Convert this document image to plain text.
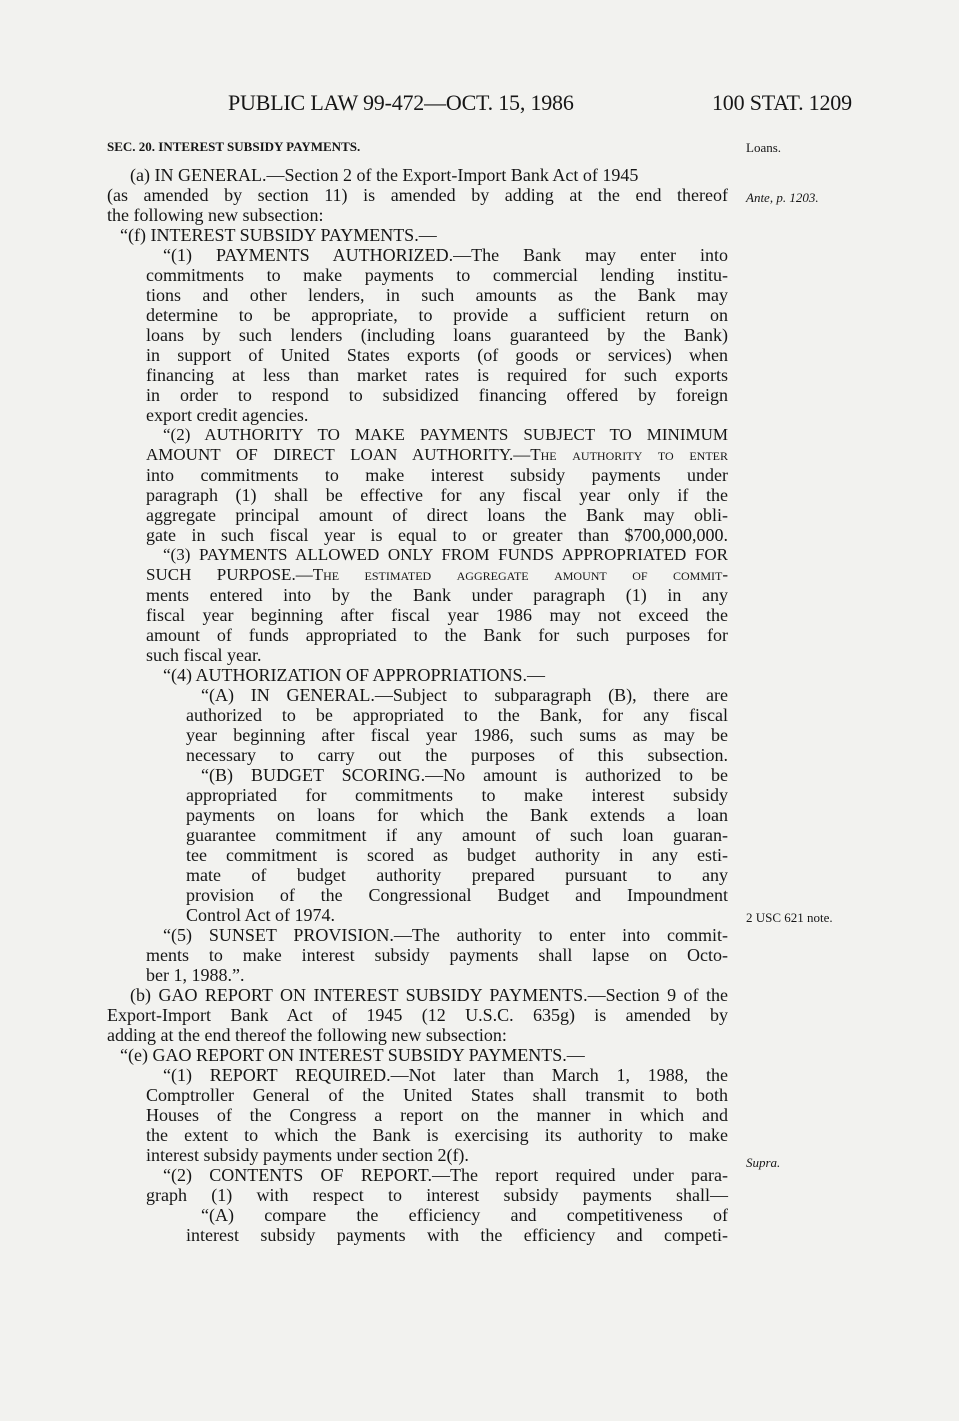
PUBLIC LAW 99-472—OCT. 15, 1986	100 STAT. 1209
SEC. 20. INTEREST SUBSIDY PAYMENTS.
(a) IN GENERAL.—Section 2 of the Export-Import Bank Act of 1945
(as amended by section 11) is amended by adding at the end thereof
the following new subsection:
“(f) INTEREST SUBSIDY PAYMENTS.—
“(1) PAYMENTS AUTHORIZED.—The Bank may enter into
commitments to make payments to commercial lending institu-
tions and other lenders, in such amounts as the Bank may
determine to be appropriate, to provide a sufficient return on
loans by such lenders (including loans guaranteed by the Bank)
in support of United States exports (of goods or services) when
financing at less than market rates is required for such exports
in order to respond to subsidized financing offered by foreign
export credit agencies.
“(2) AUTHORITY TO MAKE PAYMENTS SUBJECT TO MINIMUM
AMOUNT OF DIRECT LOAN AUTHORITY.—The authority to enter
into commitments to make interest subsidy payments under
paragraph (1) shall be effective for any fiscal year only if the
aggregate principal amount of direct loans the Bank may obli-
gate in such fiscal year is equal to or greater than $700,000,000.
“(3) PAYMENTS ALLOWED ONLY FROM FUNDS APPROPRIATED FOR
SUCH PURPOSE.—The estimated aggregate amount of commit-
ments entered into by the Bank under paragraph (1) in any
fiscal year beginning after fiscal year 1986 may not exceed the
amount of funds appropriated to the Bank for such purposes for
such fiscal year.
“(4) AUTHORIZATION OF APPROPRIATIONS.—
“(A) IN GENERAL.—Subject to subparagraph (B), there are
authorized to be appropriated to the Bank, for any fiscal
year beginning after fiscal year 1986, such sums as may be
necessary to carry out the purposes of this subsection.
“(B) BUDGET SCORING.—No amount is authorized to be
appropriated for commitments to make interest subsidy
payments on loans for which the Bank extends a loan
guarantee commitment if any amount of such loan guaran-
tee commitment is scored as budget authority in any esti-
mate of budget authority prepared pursuant to any
provision of the Congressional Budget and Impoundment
Control Act of 1974.
“(5) SUNSET PROVISION.—The authority to enter into commit-
ments to make interest subsidy payments shall lapse on Octo-
ber 1, 1988.”.
(b) GAO REPORT ON INTEREST SUBSIDY PAYMENTS.—Section 9 of the
Export-Import Bank Act of 1945 (12 U.S.C. 635g) is amended by
adding at the end thereof the following new subsection:
“(e) GAO REPORT ON INTEREST SUBSIDY PAYMENTS.—
“(1) REPORT REQUIRED.—Not later than March 1, 1988, the
Comptroller General of the United States shall transmit to both
Houses of the Congress a report on the manner in which and
the extent to which the Bank is exercising its authority to make
interest subsidy payments under section 2(f).
“(2) CONTENTS OF REPORT.—The report required under para-
graph (1) with respect to interest subsidy payments shall—
“(A) compare the efficiency and competitiveness of
interest subsidy payments with the efficiency and competi-
Loans.
Ante, p. 1203.
2 USC 621 note.
Supra.
